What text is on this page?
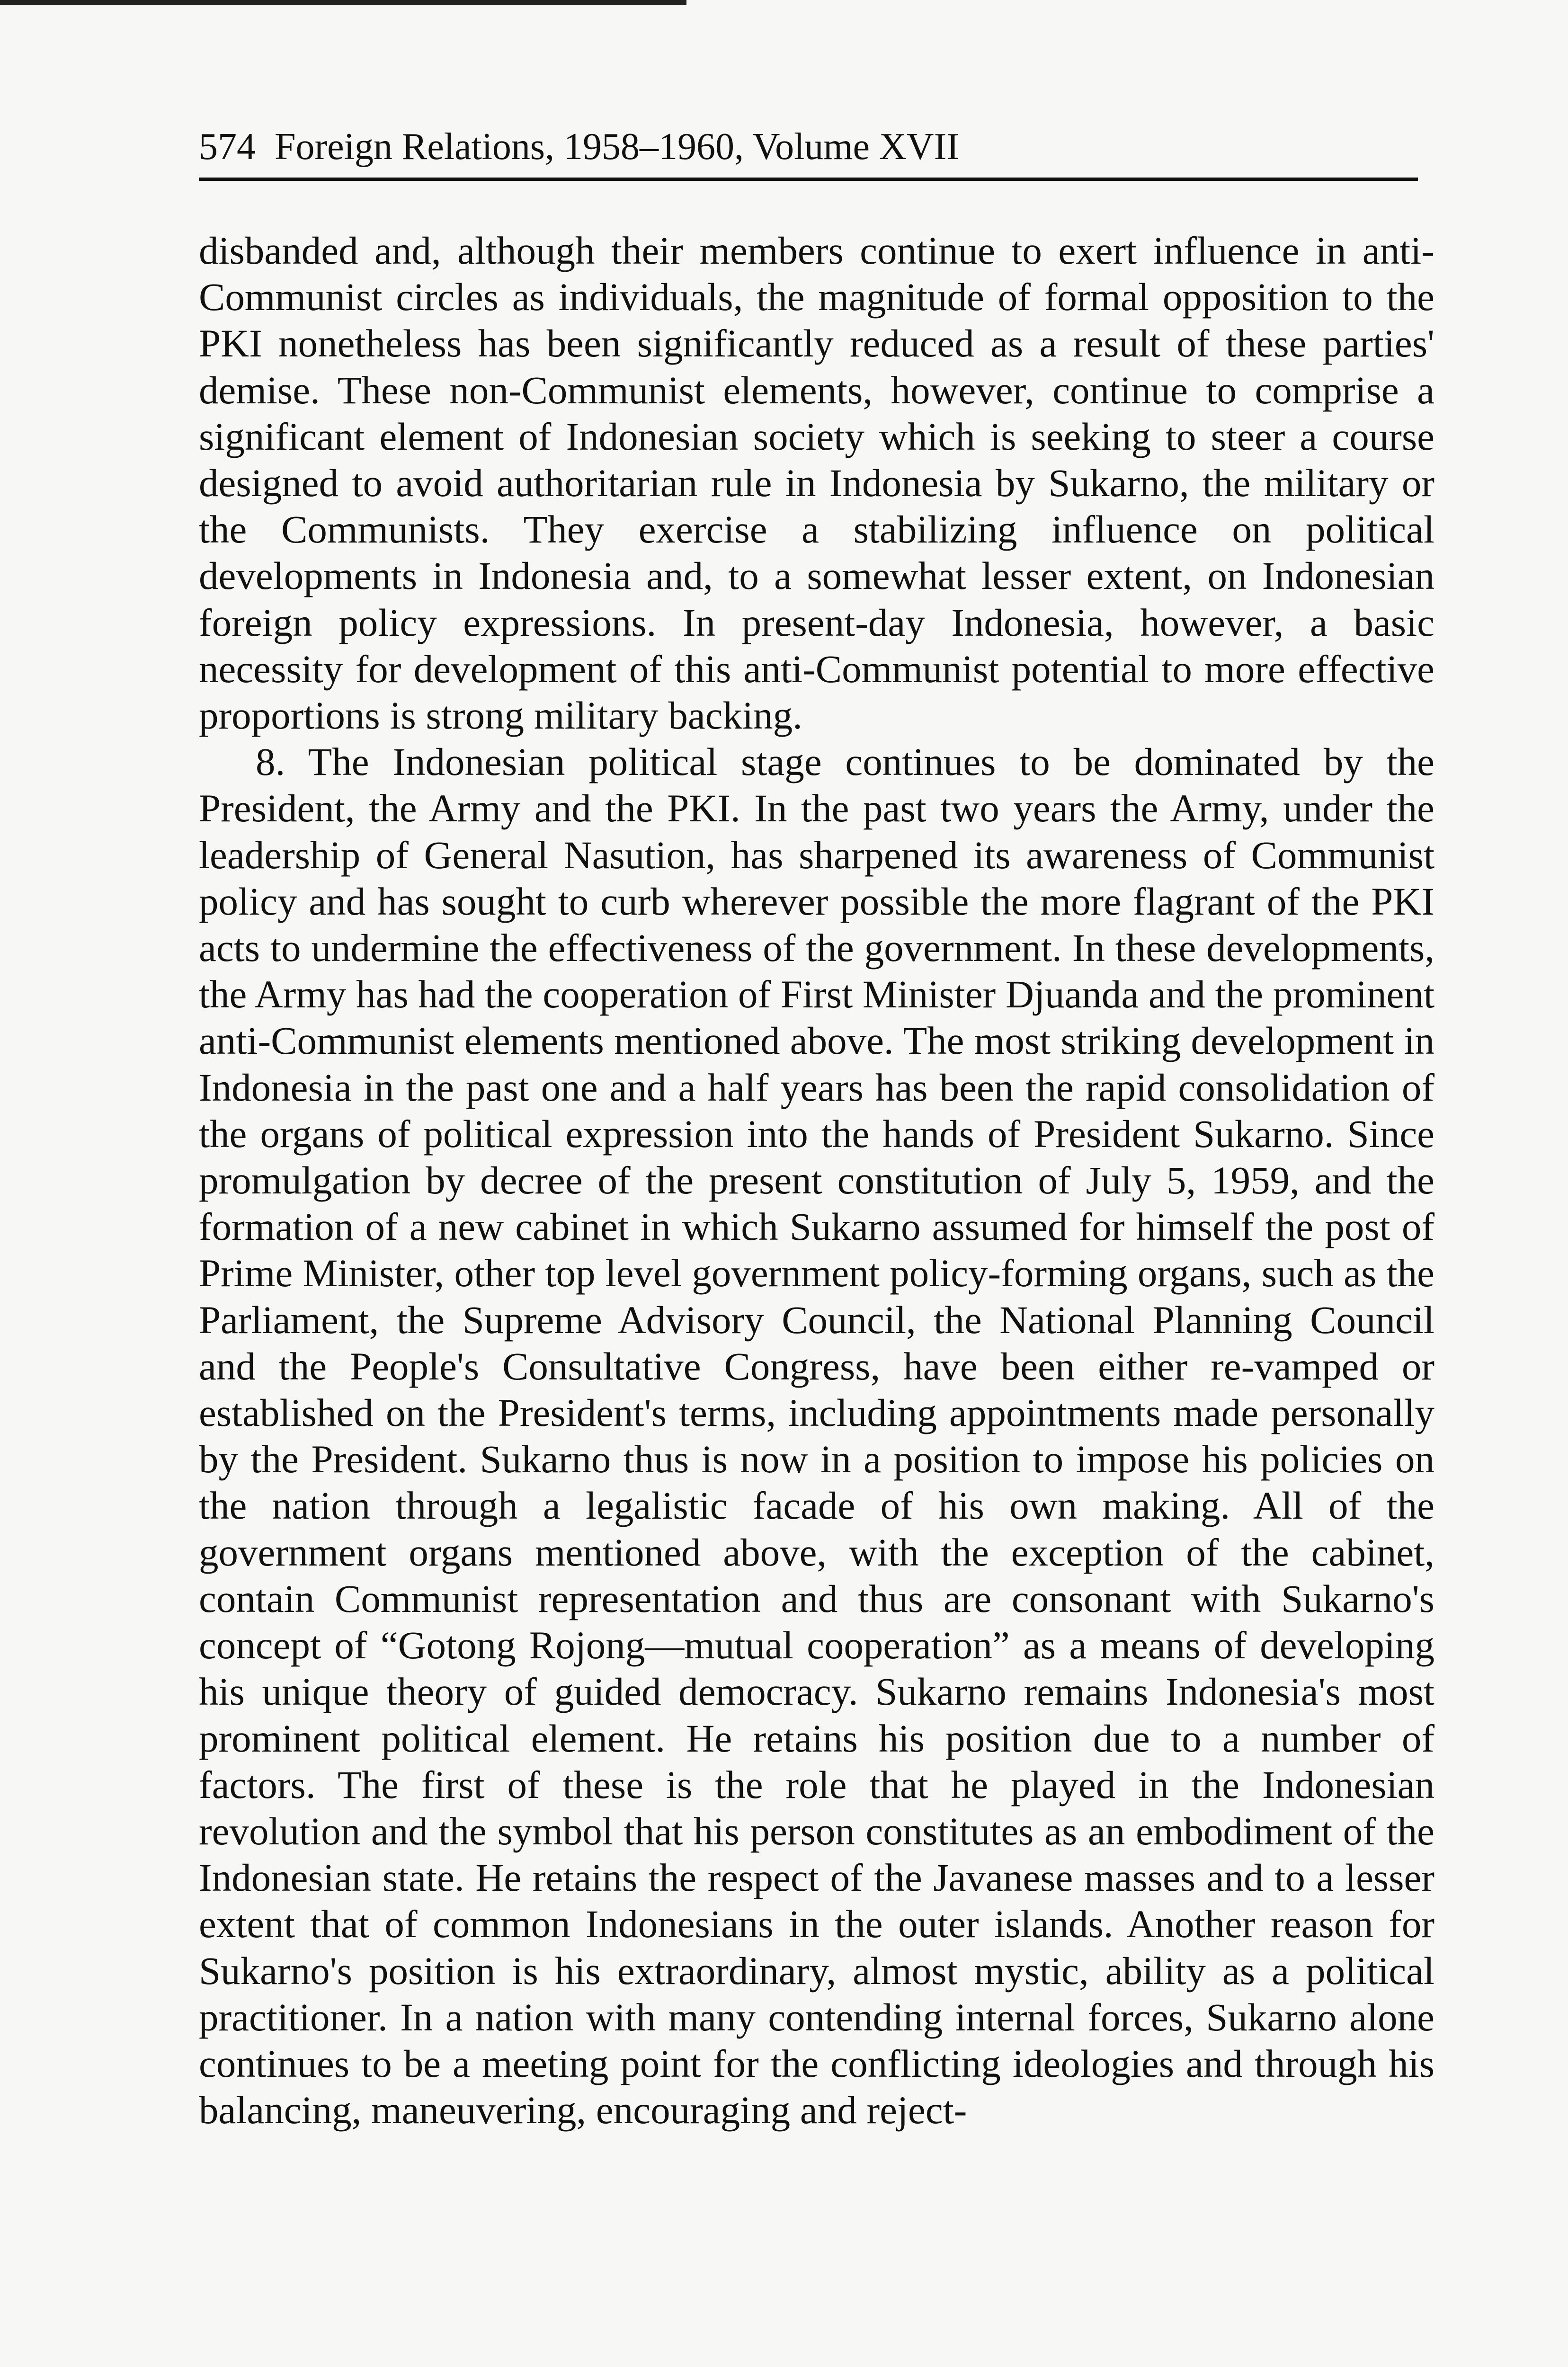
574 Foreign Relations, 1958–1960, Volume XVII

disbanded and, although their members continue to exert influence in anti-Communist circles as individuals, the magnitude of formal opposition to the PKI nonetheless has been significantly reduced as a result of these parties' demise. These non-Communist elements, however, continue to comprise a significant element of Indonesian society which is seeking to steer a course designed to avoid authoritarian rule in Indonesia by Sukarno, the military or the Communists. They exercise a stabilizing influence on political developments in Indonesia and, to a somewhat lesser extent, on Indonesian foreign policy expressions. In present-day Indonesia, however, a basic necessity for development of this anti-Communist potential to more effective proportions is strong military backing.

8. The Indonesian political stage continues to be dominated by the President, the Army and the PKI. In the past two years the Army, under the leadership of General Nasution, has sharpened its awareness of Communist policy and has sought to curb wherever possible the more flagrant of the PKI acts to undermine the effectiveness of the government. In these developments, the Army has had the cooperation of First Minister Djuanda and the prominent anti-Communist elements mentioned above. The most striking development in Indonesia in the past one and a half years has been the rapid consolidation of the organs of political expression into the hands of President Sukarno. Since promulgation by decree of the present constitution of July 5, 1959, and the formation of a new cabinet in which Sukarno assumed for himself the post of Prime Minister, other top level government policy-forming organs, such as the Parliament, the Supreme Advisory Council, the National Planning Council and the People's Consultative Congress, have been either re-vamped or established on the President's terms, including appointments made personally by the President. Sukarno thus is now in a position to impose his policies on the nation through a legalistic facade of his own making. All of the government organs mentioned above, with the exception of the cabinet, contain Communist representation and thus are consonant with Sukarno's concept of “Gotong Rojong—mutual cooperation” as a means of developing his unique theory of guided democracy. Sukarno remains Indonesia's most prominent political element. He retains his position due to a number of factors. The first of these is the role that he played in the Indonesian revolution and the symbol that his person constitutes as an embodiment of the Indonesian state. He retains the respect of the Javanese masses and to a lesser extent that of common Indonesians in the outer islands. Another reason for Sukarno's position is his extraordinary, almost mystic, ability as a political practitioner. In a nation with many contending internal forces, Sukarno alone continues to be a meeting point for the conflicting ideologies and through his balancing, maneuvering, encouraging and reject-
